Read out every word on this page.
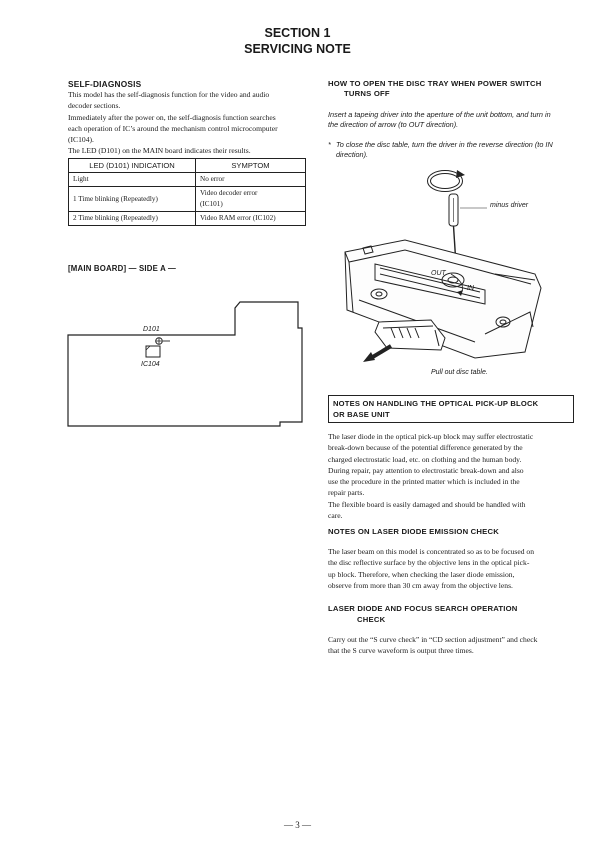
SECTION 1
SERVICING NOTE
SELF-DIAGNOSIS
This model has the self-diagnosis function for the video and audio
decoder sections.
Immediately after the power on, the self-diagnosis function searches
each operation of IC’s around the mechanism control microcomputer
(IC104).
The LED (D101) on the MAIN board indicates their results.
LED (D101) INDICATION	SYMPTOM
Light	No error
1 Time blinking (Repeatedly)	Video decoder error
(IC101)

2 Time blinking (Repeatedly)	Video RAM error (IC102)
[MAIN BOARD] — SIDE A —
D101
IC104
HOW TO OPEN THE DISC TRAY WHEN POWER SWITCH
TURNS OFF
Insert a tapeing driver into the aperture of the unit bottom, and turn in
the direction of arrow (to OUT direction).
* To close the disc table, turn the driver in the reverse direction (to IN
direction).
minus driver
OUT
IN
Pull out disc table.
NOTES ON HANDLING THE OPTICAL PICK-UP BLOCK
OR BASE UNIT
The laser diode in the optical pick-up block may suffer electrostatic
break-down because of the potential difference generated by the
charged electrostatic load, etc. on clothing and the human body.
During repair, pay attention to electrostatic break-down and also
use the procedure in the printed matter which is included in the
repair parts.
The flexible board is easily damaged and should be handled with
care.
NOTES ON LASER DIODE EMISSION CHECK
The laser beam on this model is concentrated so as to be focused on
the disc reflective surface by the objective lens in the optical pick-
up block. Therefore, when checking the laser diode emission,
observe from more than 30 cm away from the objective lens.
LASER DIODE AND FOCUS SEARCH OPERATION
CHECK
Carry out the “S curve check” in “CD section adjustment” and check
that the S curve waveform is output three times.
— 3 —
